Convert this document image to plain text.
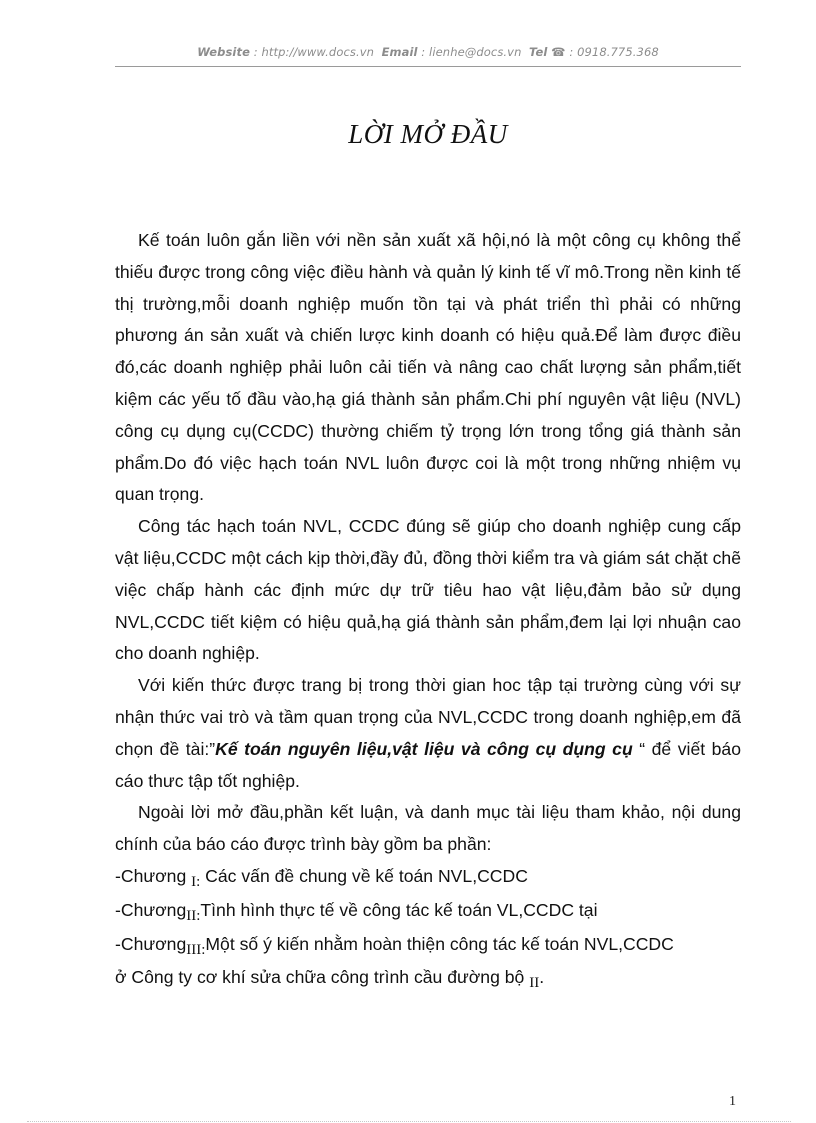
Website : http://www.docs.vn Email : lienhe@docs.vn Tel ☎ : 0918.775.368
LỜI MỞ ĐẦU

Kế toán luôn gắn liền với nền sản xuất xã hội,nó là một công cụ không thể thiếu được trong công việc điều hành và quản lý kinh tế vĩ mô.Trong nền kinh tế thị trường,mỗi doanh nghiệp muốn tồn tại và phát triển thì phải có những phương án sản xuất và chiến lược kinh doanh có hiệu quả.Để làm được điều đó,các doanh nghiệp phải luôn cải tiến và nâng cao chất lượng sản phẩm,tiết kiệm các yếu tố đầu vào,hạ giá thành sản phẩm.Chi phí nguyên vật liệu (NVL) công cụ dụng cụ(CCDC) thường chiếm tỷ trọng lớn trong tổng giá thành sản phẩm.Do đó việc hạch toán NVL luôn được coi là một trong những nhiệm vụ quan trọng.

Công tác hạch toán NVL, CCDC đúng sẽ giúp cho doanh nghiệp cung cấp vật liệu,CCDC một cách kịp thời,đầy đủ, đồng thời kiểm tra và giám sát chặt chẽ việc chấp hành các định mức dự trữ tiêu hao vật liệu,đảm bảo sử dụng NVL,CCDC tiết kiệm có hiệu quả,hạ giá thành sản phẩm,đem lại lợi nhuận cao cho doanh nghiệp.

Với kiến thức được trang bị trong thời gian hoc tập tại trường cùng với sự nhận thức vai trò và tầm quan trọng của NVL,CCDC trong doanh nghiệp,em đã chọn đề tài:”Kế toán nguyên liệu,vật liệu và công cụ dụng cụ “ để viết báo cáo thưc tập tốt nghiệp.

Ngoài lời mở đầu,phần kết luận, và danh mục tài liệu tham khảo, nội dung chính của báo cáo được trình bày gồm ba phần:

-Chương I: Các vấn đề chung về kế toán NVL,CCDC

-ChươngII:Tình hình thực tế về công tác kế toán VL,CCDC tại

-ChươngIII:Một số ý kiến nhằm hoàn thiện công tác kế toán NVL,CCDC

ở Công ty cơ khí sửa chữa công trình cầu đường bộ II.

1
